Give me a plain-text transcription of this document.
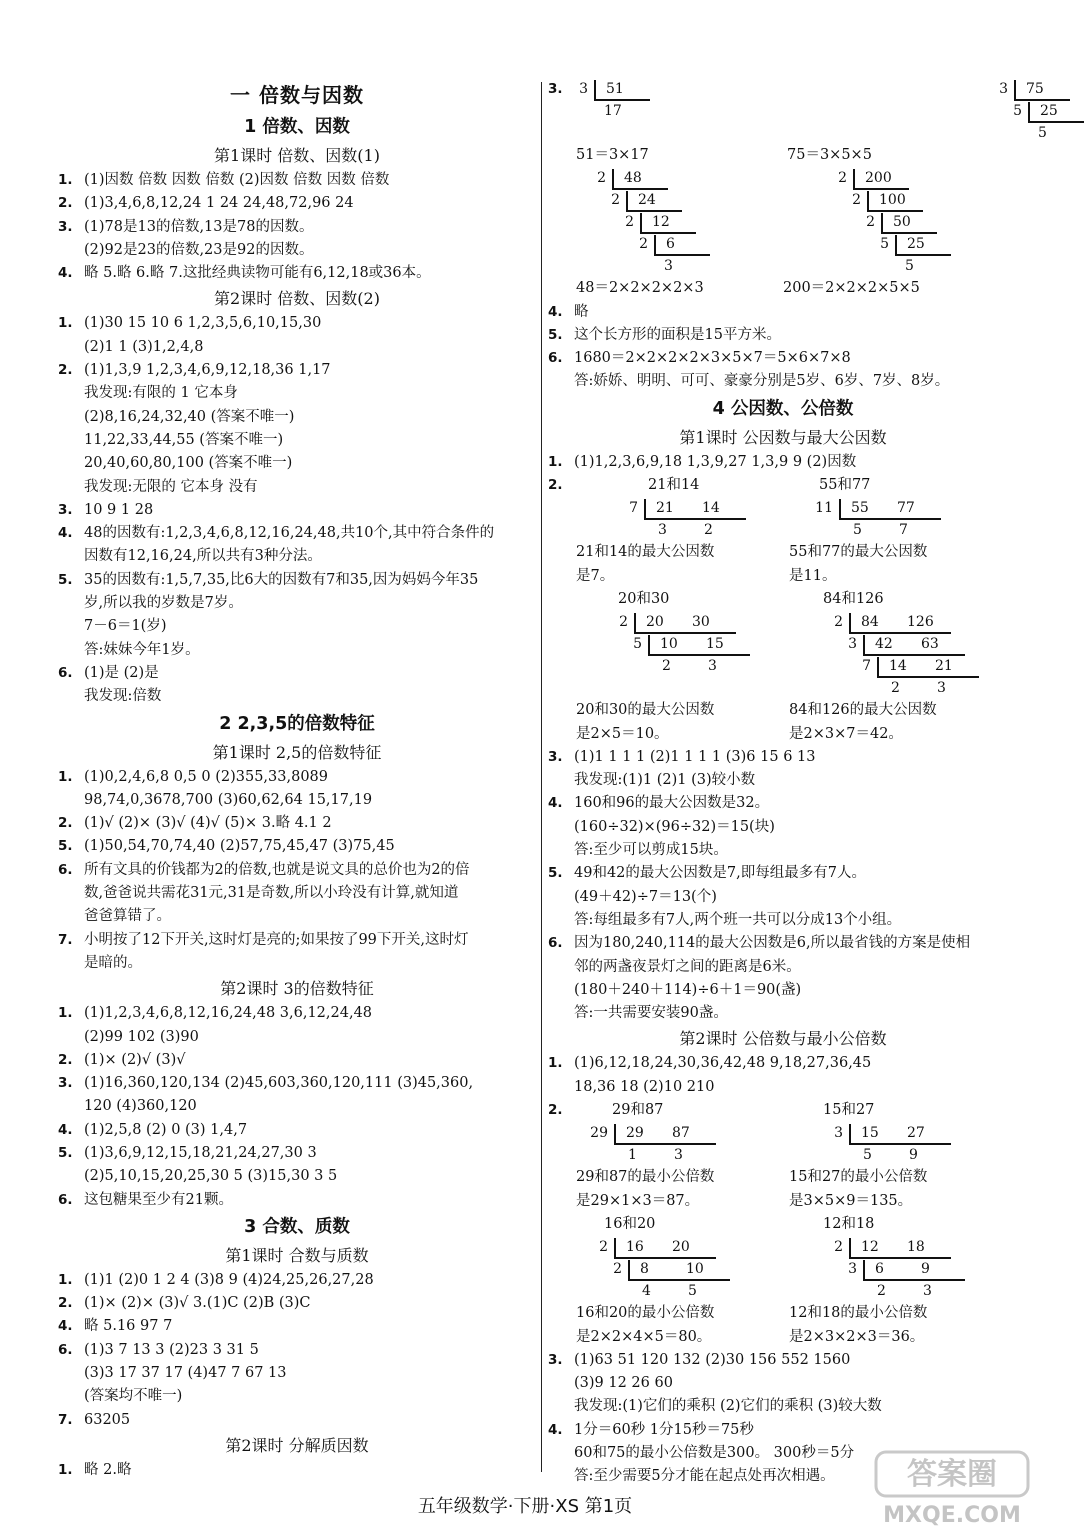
一 倍数与因数
1 倍数、因数
第1课时 倍数、因数(1)
1. (1)因数 倍数 因数 倍数 (2)因数 倍数 因数 倍数
2. (1)3,4,6,8,12,24 1 24 24,48,72,96 24
3. (1)78是13的倍数,13是78的因数。
(2)92是23的倍数,23是92的因数。
4. 略 5.略 6.略 7.这批经典读物可能有6,12,18或36本。
第2课时 倍数、因数(2)
1. (1)30 15 10 6 1,2,3,5,6,10,15,30
(2)1 1 (3)1,2,4,8
2. (1)1,3,9 1,2,3,4,6,9,12,18,36 1,17
我发现:有限的 1 它本身
(2)8,16,24,32,40 (答案不唯一)
11,22,33,44,55 (答案不唯一)
20,40,60,80,100 (答案不唯一)
我发现:无限的 它本身 没有
3. 10 9 1 28
4. 48的因数有:1,2,3,4,6,8,12,16,24,48,共10个,其中符合条件的
因数有12,16,24,所以共有3种分法。
5. 35的因数有:1,5,7,35,比6大的因数有7和35,因为妈妈今年35
岁,所以我的岁数是7岁。
7－6＝1(岁)
答:妹妹今年1岁。
6. (1)是 (2)是
我发现:倍数
2 2,3,5的倍数特征
第1课时 2,5的倍数特征
1. (1)0,2,4,6,8 0,5 0 (2)355,33,8089
98,74,0,3678,700 (3)60,62,64 15,17,19
2. (1)√ (2)× (3)√ (4)√ (5)× 3.略 4.1 2
5. (1)50,54,70,74,40 (2)57,75,45,47 (3)75,45
6. 所有文具的价钱都为2的倍数,也就是说文具的总价也为2的倍
数,爸爸说共需花31元,31是奇数,所以小玲没有计算,就知道
爸爸算错了。
7. 小明按了12下开关,这时灯是亮的;如果按了99下开关,这时灯
是暗的。
第2课时 3的倍数特征
1. (1)1,2,3,4,6,8,12,16,24,48 3,6,12,24,48
(2)99 102 (3)90
2. (1)× (2)√ (3)√
3. (1)16,360,120,134 (2)45,603,360,120,111 (3)45,360,
120 (4)360,120
4. (1)2,5,8 (2) 0 (3) 1,4,7
5. (1)3,6,9,12,15,18,21,24,27,30 3
(2)5,10,15,20,25,30 5 (3)15,30 3 5
6. 这包糖果至少有21颗。
3 合数、质数
第1课时 合数与质数
1. (1)1 (2)0 1 2 4 (3)8 9 (4)24,25,26,27,28
2. (1)× (2)× (3)√ 3.(1)C (2)B (3)C
4. 略 5.16 97 7
6. (1)3 7 13 3 (2)23 3 31 5
(3)3 17 37 17 (4)47 7 67 13
(答案均不唯一)
7. 63205
第2课时 分解质因数
1. 略 2.略
3.	3 51
17
3 75
5 25
5
51＝3×17	75＝3×5×5
2 48
2 24
2 12
2 6
3
2 200
2 100
2 50
5 25
5
48＝2×2×2×2×3	200＝2×2×2×5×5
4. 略
5. 这个长方形的面积是15平方米。
6. 1680＝2×2×2×2×3×5×7＝5×6×7×8
答:娇娇、明明、可可、豪豪分别是5岁、6岁、7岁、8岁。
4 公因数、公倍数
第1课时 公因数与最大公因数
1. (1)1,2,3,6,9,18 1,3,9,27 1,3,9 9 (2)因数
2.	21和14	55和77
7 21 14
3	2
11 55 77
5	7
21和14的最大公因数
是7。
55和77的最大公因数
是11。
20和30	84和126
2 20 30
5 10 15
2	3
2 84 126
3 42 63
7 14 21
2	3
20和30的最大公因数
是2×5＝10。
84和126的最大公因数
是2×3×7＝42。
3. (1)1 1 1 1 (2)1 1 1 1 (3)6 15 6 13
我发现:(1)1 (2)1 (3)较小数
4. 160和96的最大公因数是32。
(160÷32)×(96÷32)＝15(块)
答:至少可以剪成15块。
5. 49和42的最大公因数是7,即每组最多有7人。
(49＋42)÷7＝13(个)
答:每组最多有7人,两个班一共可以分成13个小组。
6. 因为180,240,114的最大公因数是6,所以最省钱的方案是使相
邻的两盏夜景灯之间的距离是6米。
(180＋240＋114)÷6＋1＝90(盏)
答:一共需要安装90盏。
第2课时 公倍数与最小公倍数
1. (1)6,12,18,24,30,36,42,48 9,18,27,36,45
18,36 18 (2)10 210
2.	29和87	15和27
29 29 87
1	3
3 15 27
5	9
29和87的最小公倍数
是29×1×3＝87。
15和27的最小公倍数
是3×5×9＝135。
16和20	12和18
2 16 20
2 8	10
4	5
2 12 18
3 6	9
2	3
16和20的最小公倍数
是2×2×4×5＝80。
12和18的最小公倍数
是2×3×2×3＝36。
3. (1)63 51 120 132 (2)30 156 552 1560
(3)9 12 26 60
我发现:(1)它们的乘积 (2)它们的乘积 (3)较大数
4. 1分＝60秒 1分15秒＝75秒
60和75的最小公倍数是300。 300秒＝5分
答:至少需要5分才能在起点处再次相遇。
五年级数学·下册·XS 第1页
答案圈
MXQE.COM
